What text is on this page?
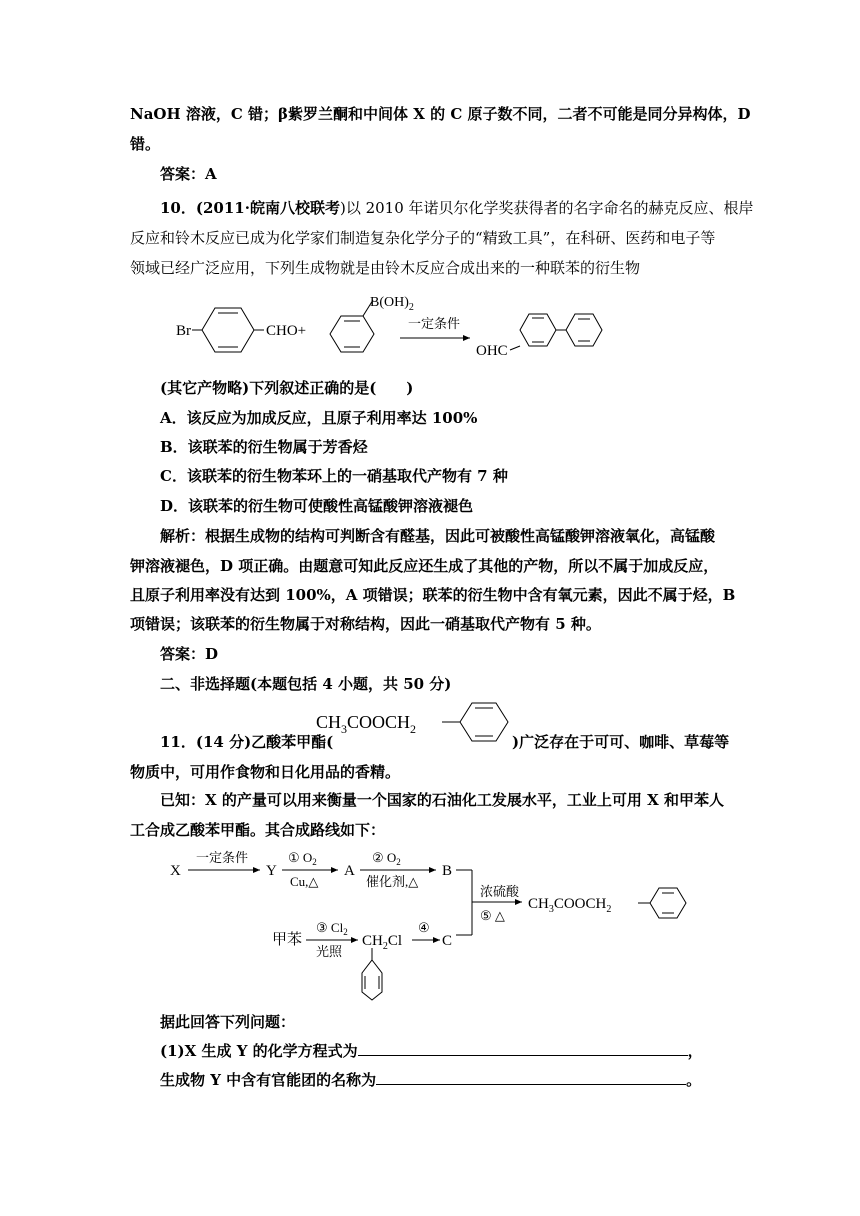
NaOH 溶液，C 错；β紫罗兰酮和中间体 X 的 C 原子数不同，二者不可能是同分异构体，D
错。
答案：A
10．(2011·皖南八校联考)以 2010 年诺贝尔化学奖获得者的名字命名的赫克反应、根岸
反应和铃木反应已成为化学家们制造复杂化学分子的“精致工具”，在科研、医药和电子等
领域已经广泛应用，下列生成物就是由铃木反应合成出来的一种联苯的衍生物
Br	CHO+
$B(OH)_2$
一定条件
OHC
(其它产物略)下列叙述正确的是(　　)
A．该反应为加成反应，且原子利用率达 100%
B．该联苯的衍生物属于芳香烃
C．该联苯的衍生物苯环上的一硝基取代产物有 7 种
D．该联苯的衍生物可使酸性高锰酸钾溶液褪色
解析：根据生成物的结构可判断含有醛基，因此可被酸性高锰酸钾溶液氧化，高锰酸
钾溶液褪色，D 项正确。由题意可知此反应还生成了其他的产物，所以不属于加成反应，
且原子利用率没有达到 100%，A 项错误；联苯的衍生物中含有氧元素，因此不属于烃，B
项错误；该联苯的衍生物属于对称结构，因此一硝基取代产物有 5 种。
答案：D
二、非选择题(本题包括 4 小题，共 50 分)
$CH_3COOCH_2$
11．(14 分)乙酸苯甲酯(	)广泛存在于可可、咖啡、草莓等
物质中，可用作食物和日化用品的香精。
已知：X 的产量可以用来衡量一个国家的石油化工发展水平，工业上可用 X 和甲苯人
工合成乙酸苯甲酯。其合成路线如下：
X
一定条件
Y
① $O_2$
Cu,△
A
② $O_2$
催化剂,△
B
浓硫酸
⑤ △
$CH_3COOCH_2$
甲苯
③ $Cl_2$
光照
$CH_2Cl$
④
C
据此回答下列问题：
(1)X 生成 Y 的化学方程式为	，
生成物 Y 中含有官能团的名称为	。
